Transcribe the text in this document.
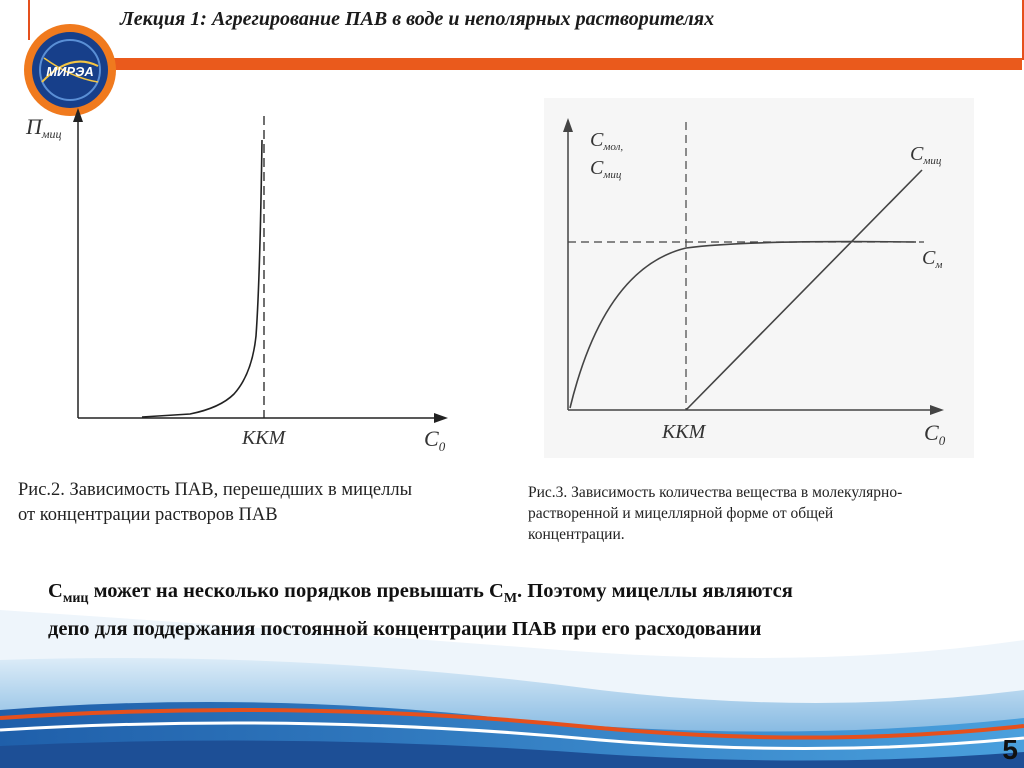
Лекция 1: Агрегирование ПАВ в воде и неполярных растворителях
МИРЭА
Пмиц
ККМ	$C_0$
$C_{мол,}$
$C_{миц}$
$C_{миц}$
$C_м$
ККМ	$C_0$
Рис.2. Зависимость ПАВ, перешедших в мицеллы
от концентрации растворов ПАВ
Рис.3. Зависимость количества вещества в молекулярно-
растворенной и мицеллярной форме от общей
концентрации.
$С_{миц}$ может на несколько порядков превышать $С_М$. Поэтому мицеллы являются
депо для поддержания постоянной концентрации ПАВ при его расходовании
5
